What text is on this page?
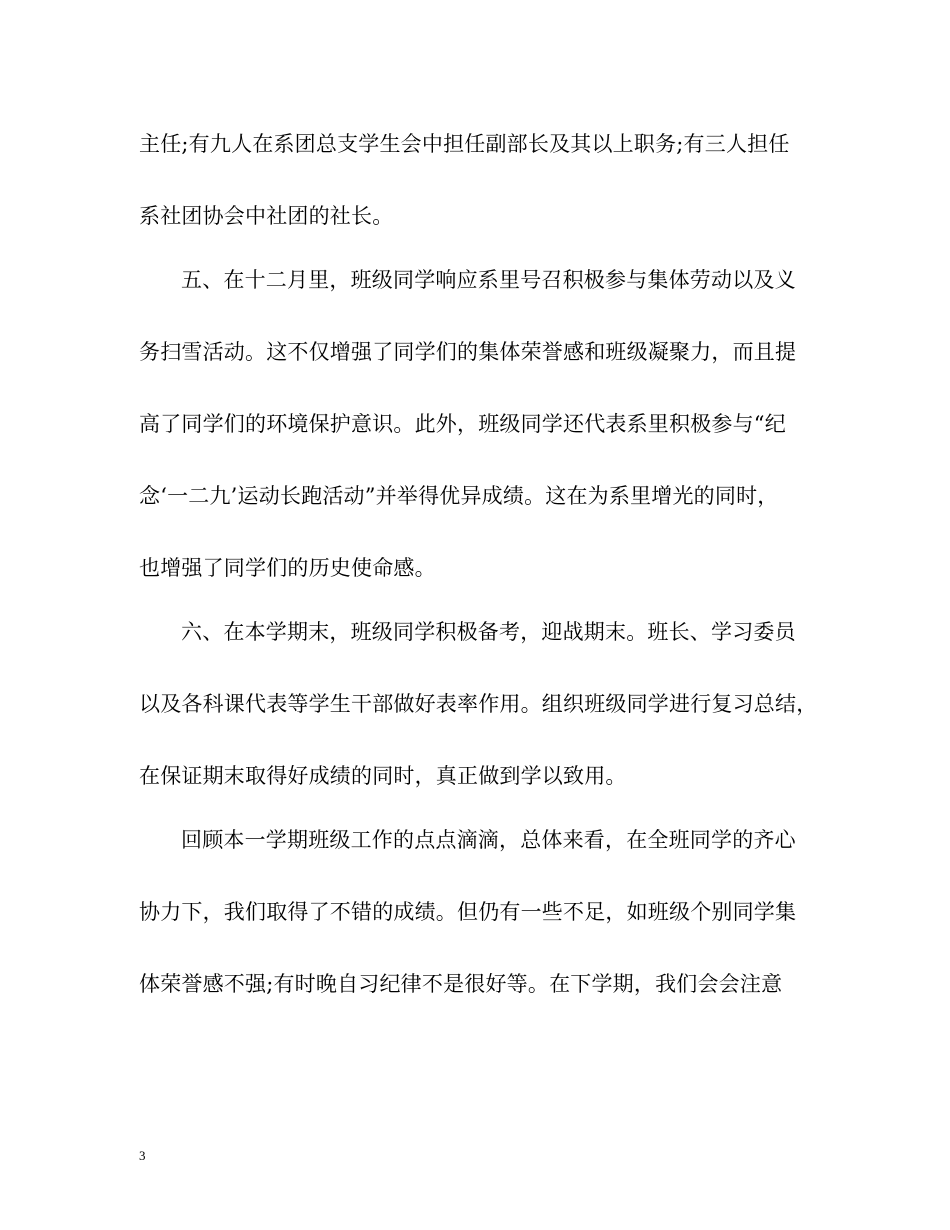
主任;有九人在系团总支学生会中担任副部长及其以上职务;有三人担任
系社团协会中社团的社长。
五、在十二月里，班级同学响应系里号召积极参与集体劳动以及义
务扫雪活动。这不仅增强了同学们的集体荣誉感和班级凝聚力，而且提
高了同学们的环境保护意识。此外，班级同学还代表系里积极参与“纪
念‘一二九’运动长跑活动”并举得优异成绩。这在为系里增光的同时，
也增强了同学们的历史使命感。
六、在本学期末，班级同学积极备考，迎战期末。班长、学习委员
以及各科课代表等学生干部做好表率作用。组织班级同学进行复习总结，
在保证期末取得好成绩的同时，真正做到学以致用。
回顾本一学期班级工作的点点滴滴，总体来看，在全班同学的齐心
协力下，我们取得了不错的成绩。但仍有一些不足，如班级个别同学集
体荣誉感不强;有时晚自习纪律不是很好等。在下学期，我们会会注意
3
